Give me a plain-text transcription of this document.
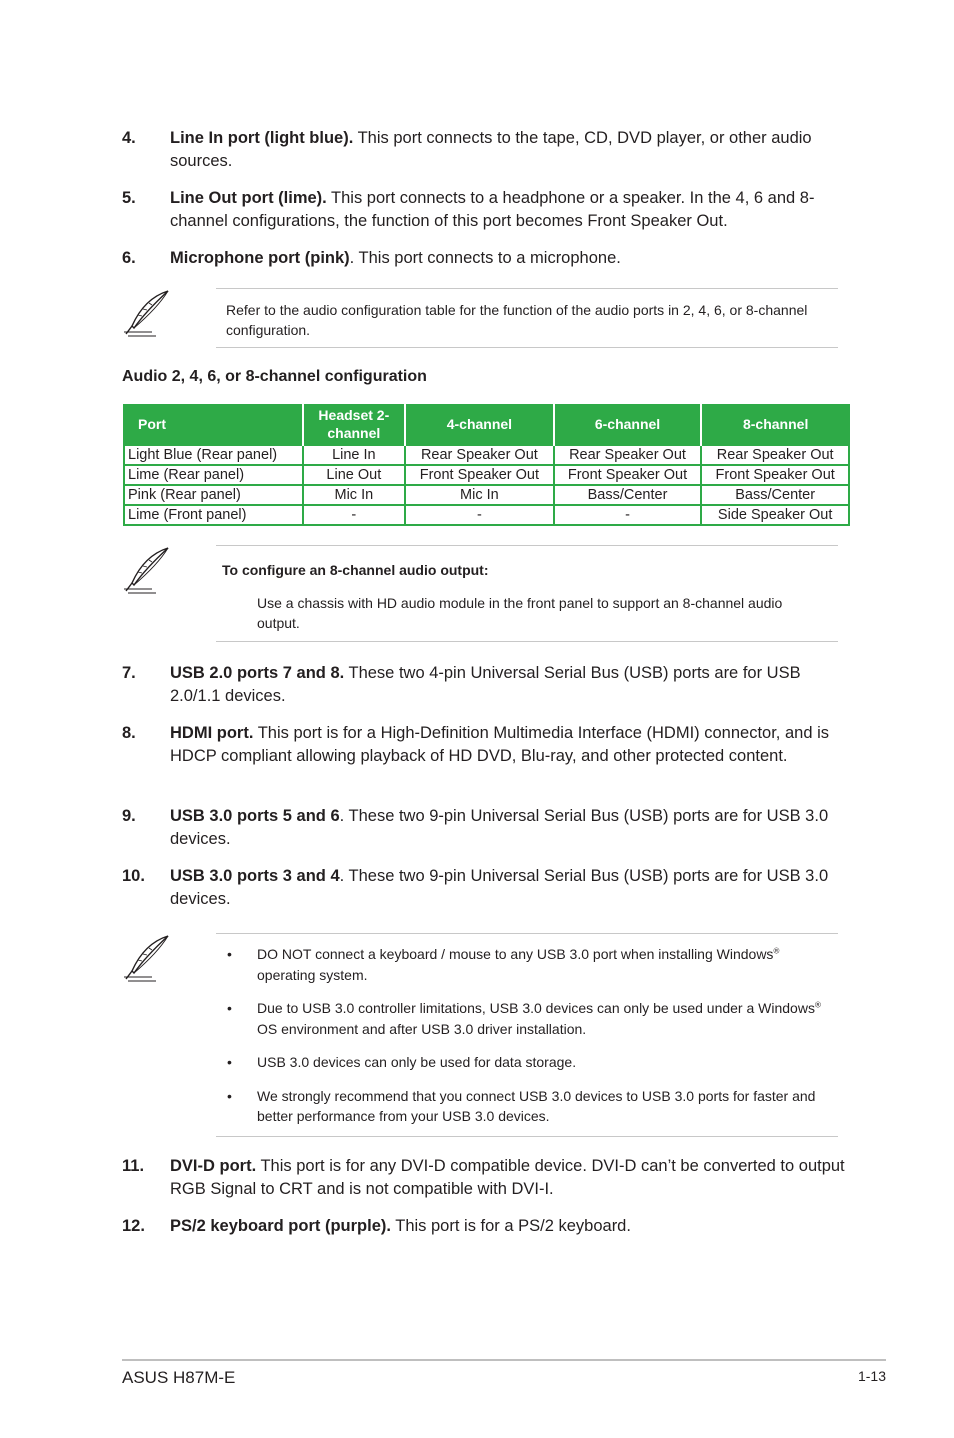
4. Line In port (light blue). This port connects to the tape, CD, DVD player, or other audio sources.
5. Line Out port (lime). This port connects to a headphone or a speaker. In the 4, 6 and 8-channel configurations, the function of this port becomes Front Speaker Out.
6. Microphone port (pink). This port connects to a microphone.
Refer to the audio configuration table for the function of the audio ports in 2, 4, 6, or 8-channel configuration.
Audio 2, 4, 6, or 8-channel configuration
Port	Headset 2-channel	4-channel	6-channel	8-channel
Light Blue (Rear panel)	Line In	Rear Speaker Out	Rear Speaker Out	Rear Speaker Out
Lime (Rear panel)	Line Out	Front Speaker Out	Front Speaker Out	Front Speaker Out
Pink (Rear panel)	Mic In	Mic In	Bass/Center	Bass/Center
Lime (Front panel)	-	-	-	Side Speaker Out
To configure an 8-channel audio output:
Use a chassis with HD audio module in the front panel to support an 8-channel audio output.
7. USB 2.0 ports 7 and 8. These two 4-pin Universal Serial Bus (USB) ports are for USB 2.0/1.1 devices.
8. HDMI port. This port is for a High-Definition Multimedia Interface (HDMI) connector, and is HDCP compliant allowing playback of HD DVD, Blu-ray, and other protected content.
9. USB 3.0 ports 5 and 6. These two 9-pin Universal Serial Bus (USB) ports are for USB 3.0 devices.
10. USB 3.0 ports 3 and 4. These two 9-pin Universal Serial Bus (USB) ports are for USB 3.0 devices.
• DO NOT connect a keyboard / mouse to any USB 3.0 port when installing Windows® operating system.
• Due to USB 3.0 controller limitations, USB 3.0 devices can only be used under a Windows® OS environment and after USB 3.0 driver installation.
• USB 3.0 devices can only be used for data storage.
• We strongly recommend that you connect USB 3.0 devices to USB 3.0 ports for faster and better performance from your USB 3.0 devices.
11. DVI-D port. This port is for any DVI-D compatible device. DVI-D can’t be converted to output RGB Signal to CRT and is not compatible with DVI-I.
12. PS/2 keyboard port (purple). This port is for a PS/2 keyboard.
ASUS H87M-E	1-13
